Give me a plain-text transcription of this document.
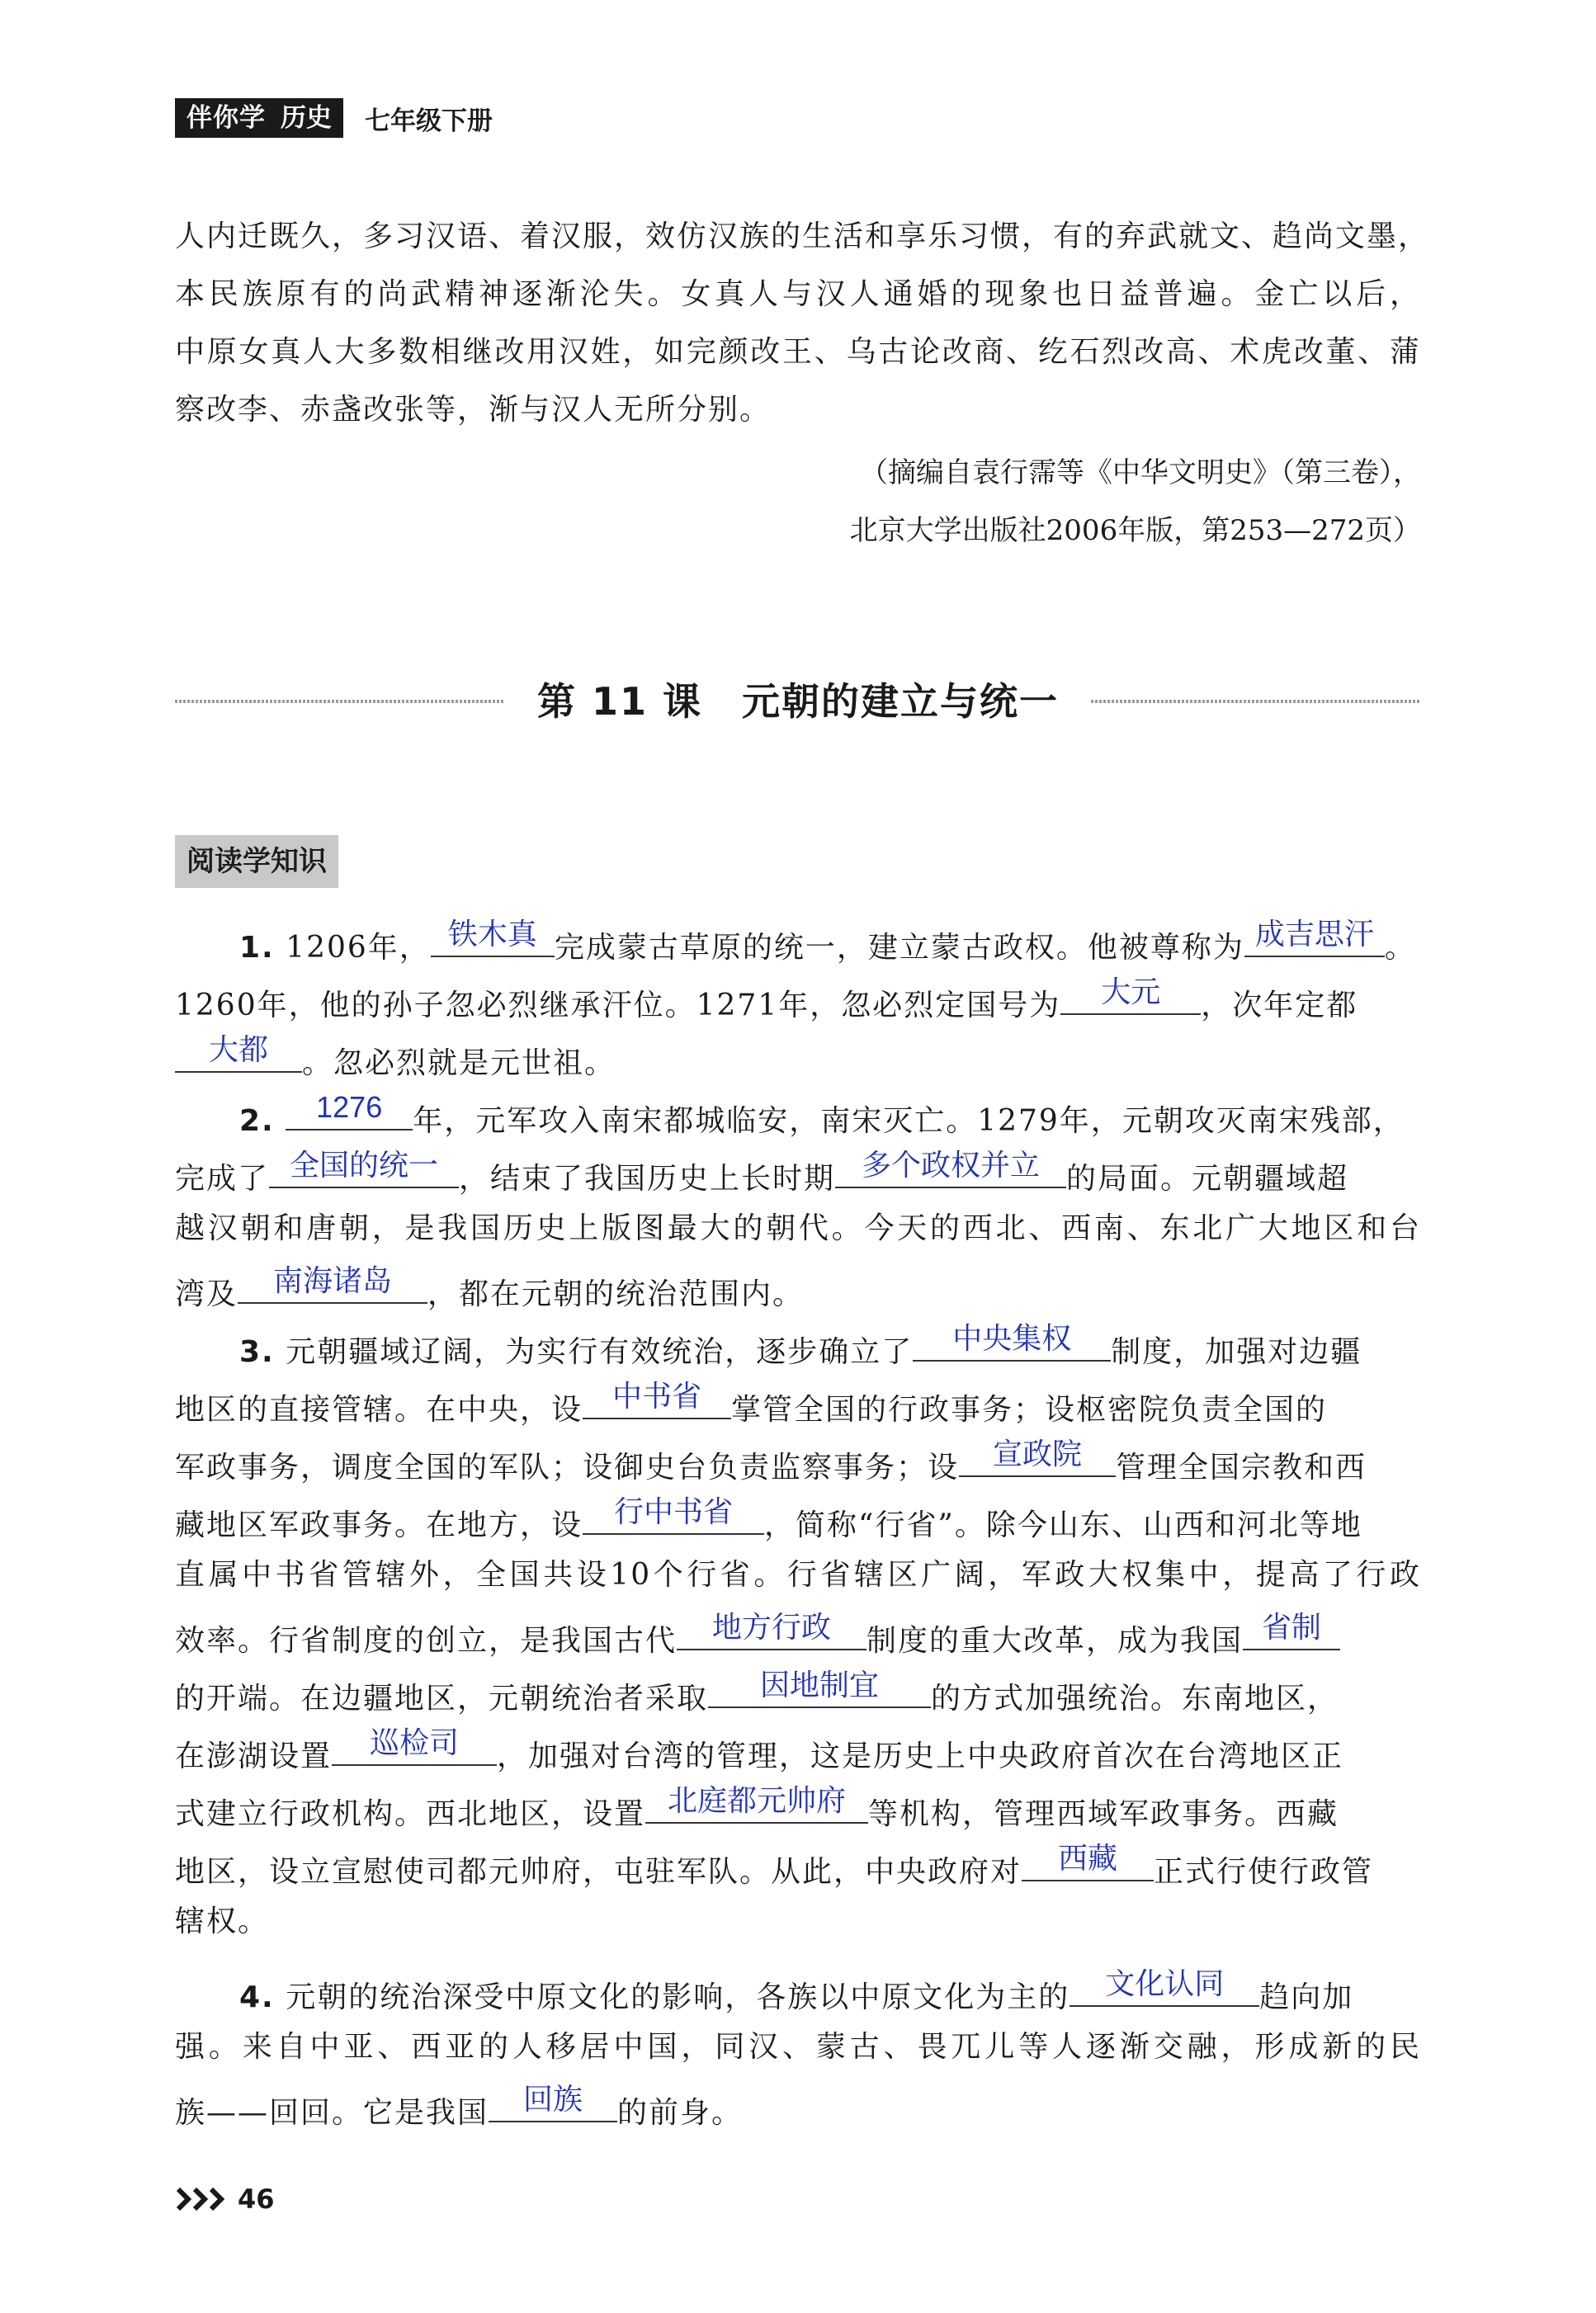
伴你学 历史	七年级下册
人内迁既久，多习汉语、着汉服，效仿汉族的生活和享乐习惯，有的弃武就文、趋尚文墨，
本民族原有的尚武精神逐渐沦失。女真人与汉人通婚的现象也日益普遍。金亡以后，
中原女真人大多数相继改用汉姓，如完颜改王、乌古论改商、纥石烈改高、术虎改董、蒲
察改李、赤盏改张等，渐与汉人无所分别。
（摘编自袁行霈等《中华文明史》（第三卷），
北京大学出版社2006年版，第253—272页）
第 11 课　元朝的建立与统一
阅读学知识
1. 1206年， 铁木真 完成蒙古草原的统一，建立蒙古政权。他被尊称为 成吉思汗 。
1260年，他的孙子忽必烈继承汗位。1271年，忽必烈定国号为	大元	，次年定都
大都	。忽必烈就是元世祖。
2.	1276	年，元军攻入南宋都城临安，南宋灭亡。1279年，元朝攻灭南宋残部，
完成了 全国的统一 ，结束了我国历史上长时期 多个政权并立 的局面。元朝疆域超
越汉朝和唐朝，是我国历史上版图最大的朝代。今天的西北、西南、东北广大地区和台
湾及	南海诸岛	，都在元朝的统治范围内。
3. 元朝疆域辽阔，为实行有效统治，逐步确立了	中央集权	制度，加强对边疆
地区的直接管辖。在中央，设 中书省	掌管全国的行政事务；设枢密院负责全国的
军政事务，调度全国的军队；设御史台负责监察事务；设	宣政院	管理全国宗教和西
藏地区军政事务。在地方，设	行中书省	，简称“行省”。除今山东、山西和河北等地
直属中书省管辖外，全国共设10个行省。行省辖区广阔，军政大权集中，提高了行政
效率。行省制度的创立，是我国古代	地方行政	制度的重大改革，成为我国 省制
的开端。在边疆地区，元朝统治者采取	因地制宜	的方式加强统治。东南地区，
在澎湖设置	巡检司	，加强对台湾的管理，这是历史上中央政府首次在台湾地区正
式建立行政机构。西北地区，设置 北庭都元帅府 等机构，管理西域军政事务。西藏
地区，设立宣慰使司都元帅府，屯驻军队。从此，中央政府对	西藏	正式行使行政管
辖权。
4. 元朝的统治深受中原文化的影响，各族以中原文化为主的	文化认同	趋向加
强。来自中亚、西亚的人移居中国，同汉、蒙古、畏兀儿等人逐渐交融，形成新的民
族——回回。它是我国	回族	的前身。
46
